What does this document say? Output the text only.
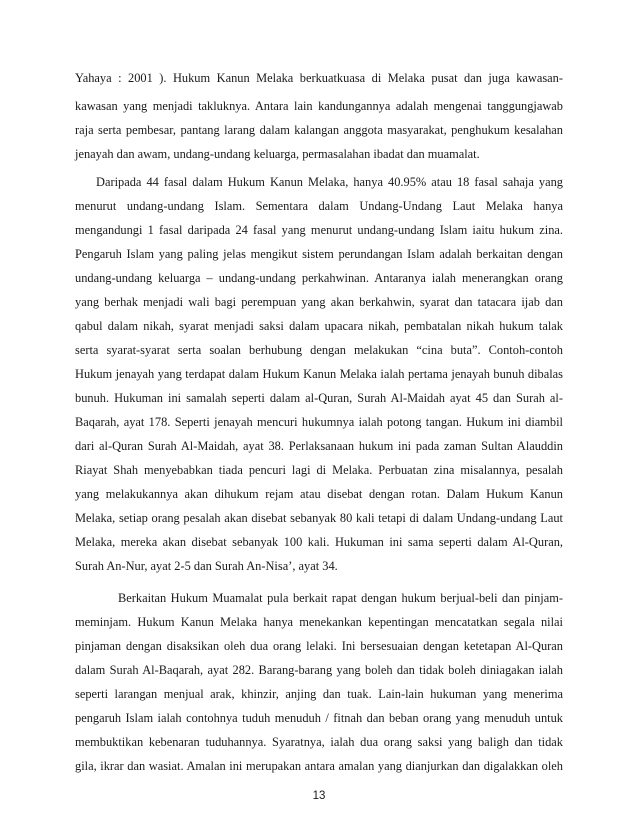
Yahaya : 2001 ). Hukum Kanun Melaka berkuatkuasa di Melaka pusat dan juga kawasan-
kawasan yang menjadi takluknya. Antara lain kandungannya adalah mengenai tanggungjawab
raja serta pembesar, pantang larang dalam kalangan anggota masyarakat, penghukum kesalahan
jenayah dan awam, undang-undang keluarga, permasalahan ibadat dan muamalat.
Daripada 44 fasal dalam Hukum Kanun Melaka, hanya 40.95% atau 18 fasal sahaja yang
menurut undang-undang Islam. Sementara dalam Undang-Undang Laut Melaka hanya
mengandungi 1 fasal daripada 24 fasal yang menurut undang-undang Islam iaitu hukum zina.
Pengaruh Islam yang paling jelas mengikut sistem perundangan Islam adalah berkaitan dengan
undang-undang keluarga – undang-undang perkahwinan. Antaranya ialah menerangkan orang
yang berhak menjadi wali bagi perempuan yang akan berkahwin, syarat dan tatacara ijab dan
qabul dalam nikah, syarat menjadi saksi dalam upacara nikah, pembatalan nikah hukum talak
serta syarat-syarat serta soalan berhubung dengan melakukan “cina buta”. Contoh-contoh
Hukum jenayah yang terdapat dalam Hukum Kanun Melaka ialah pertama jenayah bunuh dibalas
bunuh. Hukuman ini samalah seperti dalam al-Quran, Surah Al-Maidah ayat 45 dan Surah al-
Baqarah, ayat 178. Seperti jenayah mencuri hukumnya ialah potong tangan. Hukum ini diambil
dari al-Quran Surah Al-Maidah, ayat 38. Perlaksanaan hukum ini pada zaman Sultan Alauddin
Riayat Shah menyebabkan tiada pencuri lagi di Melaka. Perbuatan zina misalannya, pesalah
yang melakukannya akan dihukum rejam atau disebat dengan rotan. Dalam Hukum Kanun
Melaka, setiap orang pesalah akan disebat sebanyak 80 kali tetapi di dalam Undang-undang Laut
Melaka, mereka akan disebat sebanyak 100 kali. Hukuman ini sama seperti dalam Al-Quran,
Surah An-Nur, ayat 2-5 dan Surah An-Nisa’, ayat 34.
Berkaitan Hukum Muamalat pula berkait rapat dengan hukum berjual-beli dan pinjam-
meminjam. Hukum Kanun Melaka hanya menekankan kepentingan mencatatkan segala nilai
pinjaman dengan disaksikan oleh dua orang lelaki. Ini bersesuaian dengan ketetapan Al-Quran
dalam Surah Al-Baqarah, ayat 282. Barang-barang yang boleh dan tidak boleh diniagakan ialah
seperti larangan menjual arak, khinzir, anjing dan tuak. Lain-lain hukuman yang menerima
pengaruh Islam ialah contohnya tuduh menuduh / fitnah dan beban orang yang menuduh untuk
membuktikan kebenaran tuduhannya. Syaratnya, ialah dua orang saksi yang baligh dan tidak
gila, ikrar dan wasiat. Amalan ini merupakan antara amalan yang dianjurkan dan digalakkan oleh
13
